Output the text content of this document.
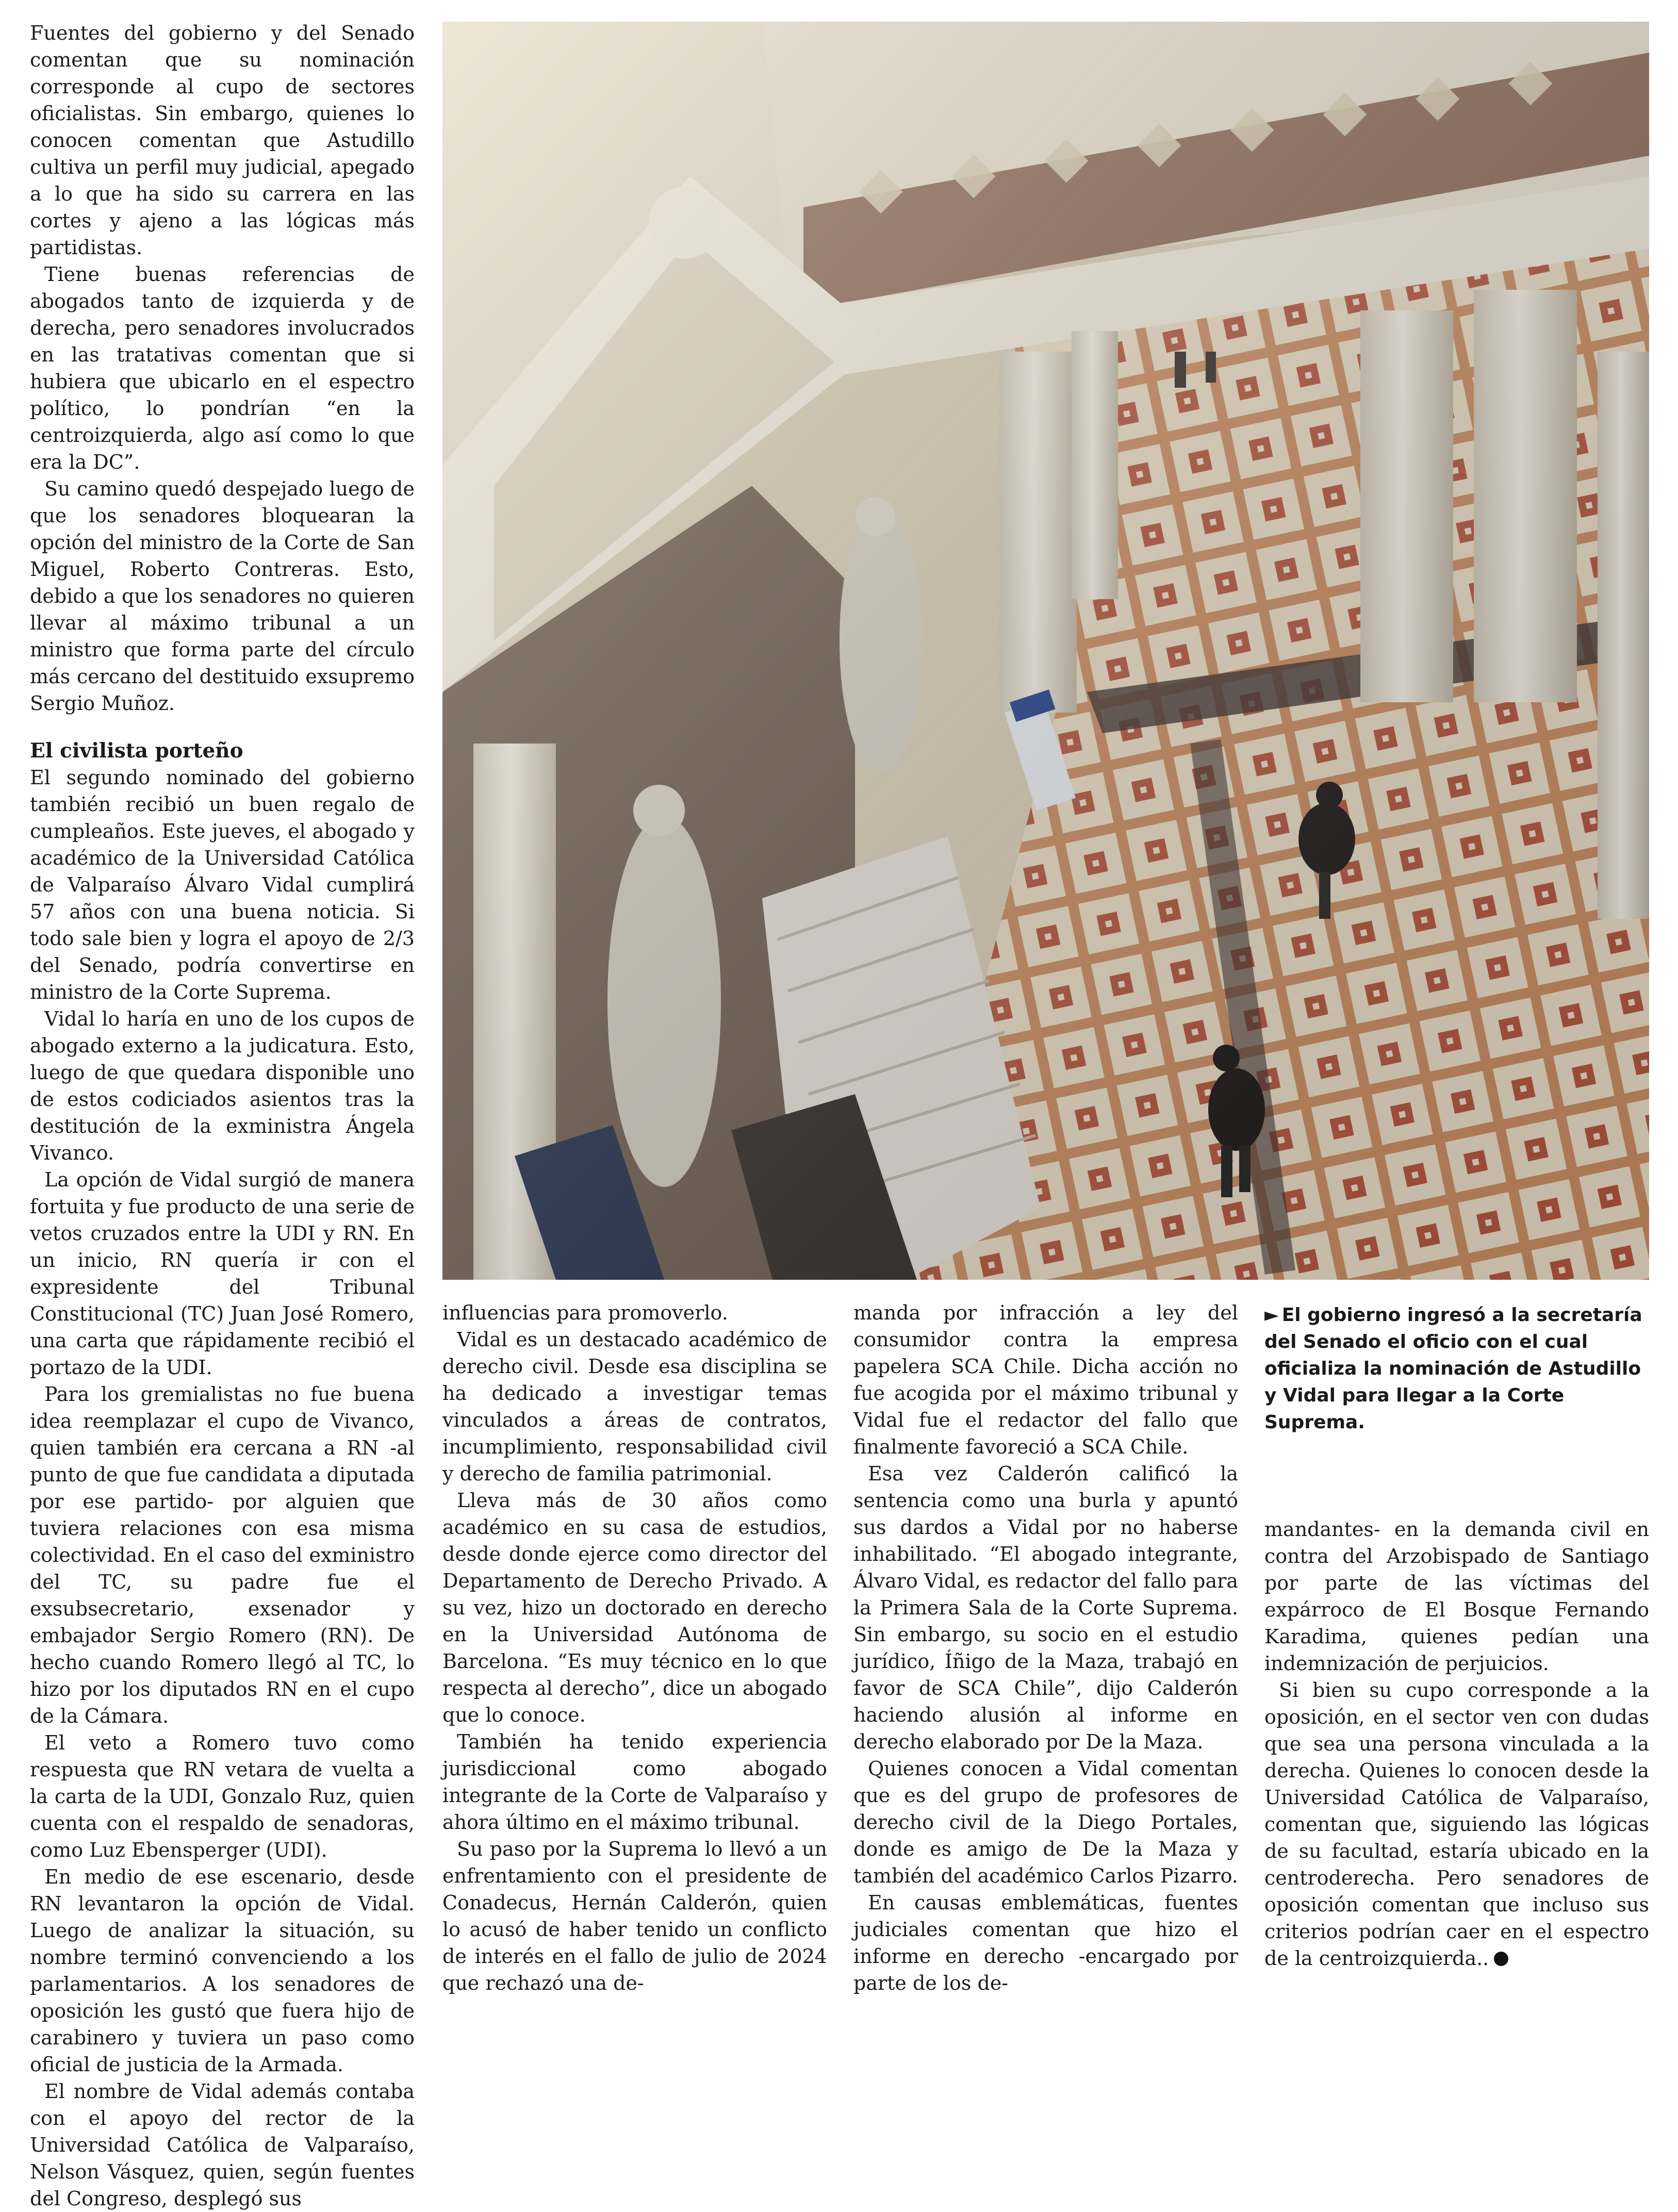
Fuentes del gobierno y del Senado comentan que su nominación corresponde al cupo de sectores oficialistas. Sin embargo, quienes lo conocen comentan que Astudillo cultiva un perfil muy judicial, apegado a lo que ha sido su carrera en las cortes y ajeno a las lógicas más partidistas.

Tiene buenas referencias de abogados tanto de izquierda y de derecha, pero senadores involucrados en las tratativas comentan que si hubiera que ubicarlo en el espectro político, lo pondrían “en la centroizquierda, algo así como lo que era la DC”.

Su camino quedó despejado luego de que los senadores bloquearan la opción del ministro de la Corte de San Miguel, Roberto Contreras. Esto, debido a que los senadores no quieren llevar al máximo tribunal a un ministro que forma parte del círculo más cercano del destituido exsupremo Sergio Muñoz.

El civilista porteño

El segundo nominado del gobierno también recibió un buen regalo de cumpleaños. Este jueves, el abogado y académico de la Universidad Católica de Valparaíso Álvaro Vidal cumplirá 57 años con una buena noticia. Si todo sale bien y logra el apoyo de 2/3 del Senado, podría convertirse en ministro de la Corte Suprema.

Vidal lo haría en uno de los cupos de abogado externo a la judicatura. Esto, luego de que quedara disponible uno de estos codiciados asientos tras la destitución de la exministra Ángela Vivanco.

La opción de Vidal surgió de manera fortuita y fue producto de una serie de vetos cruzados entre la UDI y RN. En un inicio, RN quería ir con el expresidente del Tribunal Constitucional (TC) Juan José Romero, una carta que rápidamente recibió el portazo de la UDI.

Para los gremialistas no fue buena idea reemplazar el cupo de Vivanco, quien también era cercana a RN -al punto de que fue candidata a diputada por ese partido- por alguien que tuviera relaciones con esa misma colectividad. En el caso del exministro del TC, su padre fue el exsubsecretario, exsenador y embajador Sergio Romero (RN). De hecho cuando Romero llegó al TC, lo hizo por los diputados RN en el cupo de la Cámara.

El veto a Romero tuvo como respuesta que RN vetara de vuelta a la carta de la UDI, Gonzalo Ruz, quien cuenta con el respaldo de senadoras, como Luz Ebensperger (UDI).

En medio de ese escenario, desde RN levantaron la opción de Vidal. Luego de analizar la situación, su nombre terminó convenciendo a los parlamentarios. A los senadores de oposición les gustó que fuera hijo de carabinero y tuviera un paso como oficial de justicia de la Armada.

El nombre de Vidal además contaba con el apoyo del rector de la Universidad Católica de Valparaíso, Nelson Vásquez, quien, según fuentes del Congreso, desplegó sus

influencias para promoverlo.

Vidal es un destacado académico de derecho civil. Desde esa disciplina se ha dedicado a investigar temas vinculados a áreas de contratos, incumplimiento, responsabilidad civil y derecho de familia patrimonial.

Lleva más de 30 años como académico en su casa de estudios, desde donde ejerce como director del Departamento de Derecho Privado. A su vez, hizo un doctorado en derecho en la Universidad Autónoma de Barcelona. “Es muy técnico en lo que respecta al derecho”, dice un abogado que lo conoce.

También ha tenido experiencia jurisdiccional como abogado integrante de la Corte de Valparaíso y ahora último en el máximo tribunal.

Su paso por la Suprema lo llevó a un enfrentamiento con el presidente de Conadecus, Hernán Calderón, quien lo acusó de haber tenido un conflicto de interés en el fallo de julio de 2024 que rechazó una de-

manda por infracción a ley del consumidor contra la empresa papelera SCA Chile. Dicha acción no fue acogida por el máximo tribunal y Vidal fue el redactor del fallo que finalmente favoreció a SCA Chile.

Esa vez Calderón calificó la sentencia como una burla y apuntó sus dardos a Vidal por no haberse inhabilitado. “El abogado integrante, Álvaro Vidal, es redactor del fallo para la Primera Sala de la Corte Suprema. Sin embargo, su socio en el estudio jurídico, Íñigo de la Maza, trabajó en favor de SCA Chile”, dijo Calderón haciendo alusión al informe en derecho elaborado por De la Maza.

Quienes conocen a Vidal comentan que es del grupo de profesores de derecho civil de la Diego Portales, donde es amigo de De la Maza y también del académico Carlos Pizarro.

En causas emblemáticas, fuentes judiciales comentan que hizo el informe en derecho -encargado por parte de los de-

► El gobierno ingresó a la secretaría del Senado el oficio con el cual oficializa la nominación de Astudillo y Vidal para llegar a la Corte Suprema.

mandantes- en la demanda civil en contra del Arzobispado de Santiago por parte de las víctimas del expárroco de El Bosque Fernando Karadima, quienes pedían una indemnización de perjuicios.

Si bien su cupo corresponde a la oposición, en el sector ven con dudas que sea una persona vinculada a la derecha. Quienes lo conocen desde la Universidad Católica de Valparaíso, comentan que, siguiendo las lógicas de su facultad, estaría ubicado en la centroderecha. Pero senadores de oposición comentan que incluso sus criterios podrían caer en el espectro de la centroizquierda..
